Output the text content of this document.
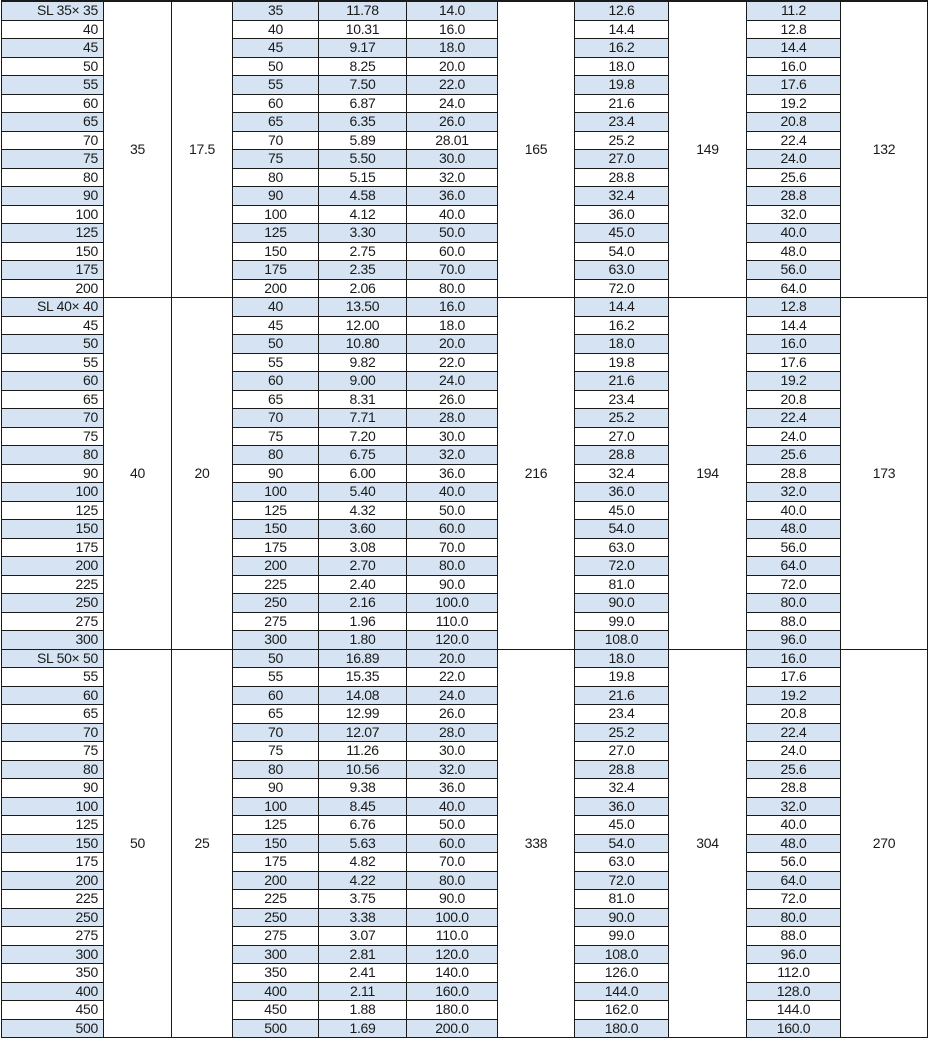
SL 35× 35	35	17.5	35	11.78	14.0	165	12.6	149	11.2	132
40			40	10.31	16.0		14.4		12.8	
45			45	9.17	18.0		16.2		14.4	
50			50	8.25	20.0		18.0		16.0	
55			55	7.50	22.0		19.8		17.6	
60			60	6.87	24.0		21.6		19.2	
65			65	6.35	26.0		23.4		20.8	
70			70	5.89	28.01		25.2		22.4	
75			75	5.50	30.0		27.0		24.0	
80			80	5.15	32.0		28.8		25.6	
90			90	4.58	36.0		32.4		28.8	
100			100	4.12	40.0		36.0		32.0	
125			125	3.30	50.0		45.0		40.0	
150			150	2.75	60.0		54.0		48.0	
175			175	2.35	70.0		63.0		56.0	
200			200	2.06	80.0		72.0		64.0	
SL 40× 40	40	20	40	13.50	16.0	216	14.4	194	12.8	173
45			45	12.00	18.0		16.2		14.4	
50			50	10.80	20.0		18.0		16.0	
55			55	9.82	22.0		19.8		17.6	
60			60	9.00	24.0		21.6		19.2	
65			65	8.31	26.0		23.4		20.8	
70			70	7.71	28.0		25.2		22.4	
75			75	7.20	30.0		27.0		24.0	
80			80	6.75	32.0		28.8		25.6	
90			90	6.00	36.0		32.4		28.8	
100			100	5.40	40.0		36.0		32.0	
125			125	4.32	50.0		45.0		40.0	
150			150	3.60	60.0		54.0		48.0	
175			175	3.08	70.0		63.0		56.0	
200			200	2.70	80.0		72.0		64.0	
225			225	2.40	90.0		81.0		72.0	
250			250	2.16	100.0		90.0		80.0	
275			275	1.96	110.0		99.0		88.0	
300			300	1.80	120.0		108.0		96.0	
SL 50× 50	50	25	50	16.89	20.0	338	18.0	304	16.0	270
55			55	15.35	22.0		19.8		17.6	
60			60	14.08	24.0		21.6		19.2	
65			65	12.99	26.0		23.4		20.8	
70			70	12.07	28.0		25.2		22.4	
75			75	11.26	30.0		27.0		24.0	
80			80	10.56	32.0		28.8		25.6	
90			90	9.38	36.0		32.4		28.8	
100			100	8.45	40.0		36.0		32.0	
125			125	6.76	50.0		45.0		40.0	
150			150	5.63	60.0		54.0		48.0	
175			175	4.82	70.0		63.0		56.0	
200			200	4.22	80.0		72.0		64.0	
225			225	3.75	90.0		81.0		72.0	
250			250	3.38	100.0		90.0		80.0	
275			275	3.07	110.0		99.0		88.0	
300			300	2.81	120.0		108.0		96.0	
350			350	2.41	140.0		126.0		112.0	
400			400	2.11	160.0		144.0		128.0	
450			450	1.88	180.0		162.0		144.0	
500			500	1.69	200.0		180.0		160.0	
